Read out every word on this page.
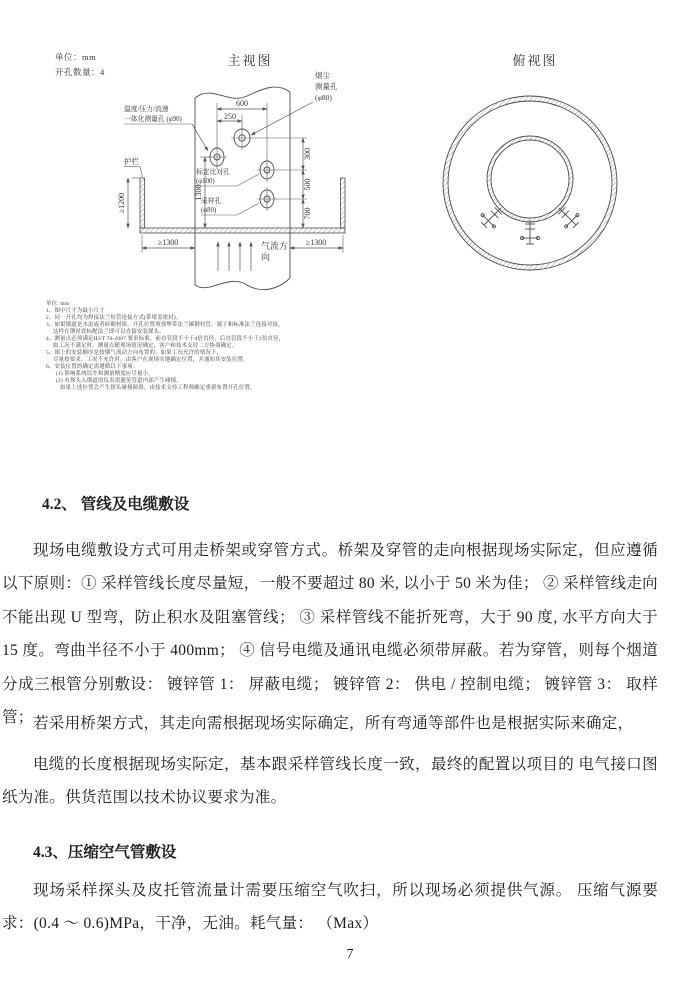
单位：mm
开孔数量：4
主视图
600
250
300
500
700
1300
≥1200
≥1300	≥1300
气流方
向
护栏
温度/压力/流速
一体化测量孔 (φ90)
烟尘
测量孔
(φ80)
标定比对孔
(φ100)
采样孔
(φ80)
俯视图
单位: mm
1、图中尺寸为最小尺寸
2、同一开孔均为焊接法兰短管连接方式(带堵盖密封)。
3、如果烟道是水泥或者砖砌材质，开孔位置须预埋带法兰碳钢衬管，端子和标准法兰连接对接，
这样在钢衬底标配法兰即可以直接安装探头。
4、测量点必须满足HJ/T 76-2007 要求标准，前直管段不小于4倍直径，后直管段不小于2倍直径，
如工况不满足时，测量点随现场情况确定，客户和技术支持二方协商确定。
5、图上的安装顺序是按烟气流动方向布置的，如果工况允许的情况下，
尽量按要求。工况不允许时，由客户在现场实地确定位置，并通知其安装位置。
6、安装位置的确定需遵循以下事项：
(1) 影响系统误差和测量精度应尽量小。
(2) 有探头入烟道的仪表需避免管道内部产生碰撞。
如果上述位置会产生探头碰撞障碍，由技术支持工程师确定重新布置开孔位置。
4.2、 管线及电缆敷设

现场电缆敷设方式可用走桥架或穿管方式。桥架及穿管的走向根据现场实际定，但应遵循以下原则：① 采样管线长度尽量短，一般不要超过 80 米, 以小于 50 米为佳； ② 采样管线走向不能出现 U 型弯，防止积水及阻塞管线； ③ 采样管线不能折死弯，大于 90 度, 水平方向大于 15 度。弯曲半径不小于 400mm； ④ 信号电缆及通讯电缆必须带屏蔽。若为穿管，则每个烟道分成三根管分别敷设： 镀锌管 1： 屏蔽电缆； 镀锌管 2： 供电 / 控制电缆； 镀锌管 3： 取样管； 若采用桥架方式，其走向需根据现场实际确定，所有弯通等部件也是根据实际来确定，

电缆的长度根据现场实际定，基本跟采样管线长度一致，最终的配置以项目的 电气接口图纸为准。供货范围以技术协议要求为准。

4.3、压缩空气管敷设

现场采样探头及皮托管流量计需要压缩空气吹扫，所以现场必须提供气源。 压缩气源要求：(0.4 ～ 0.6)MPa，干净，无油。耗气量： （Max）

7
